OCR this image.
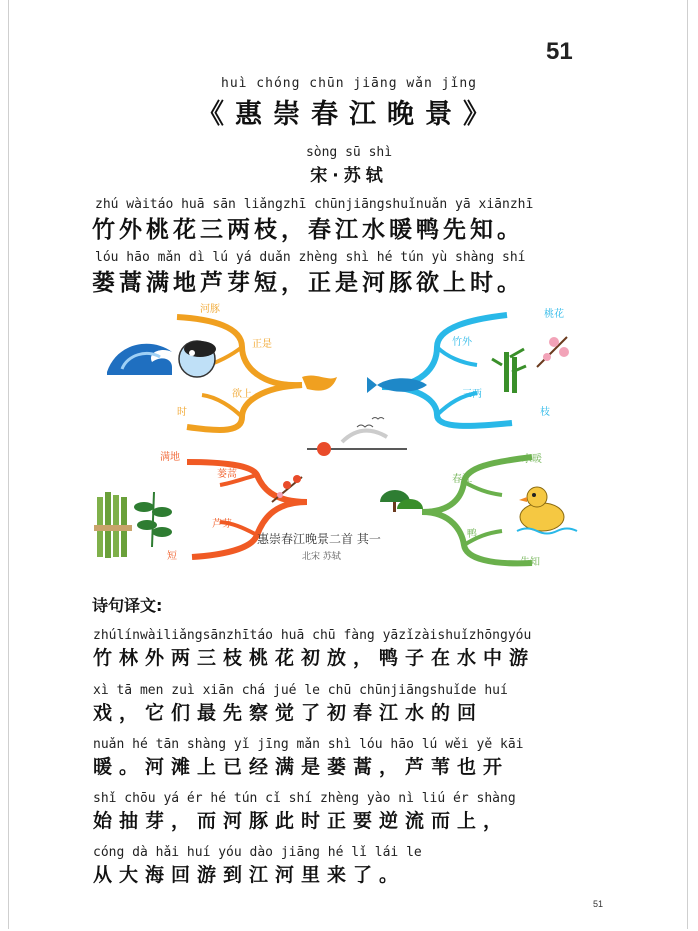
51
huì chóng chūn jiāng wǎn jǐng
《惠崇春江晚景》
sòng sū shì
宋·苏轼
zhú wàitáo huā sān liǎngzhī chūnjiāngshuǐnuǎn yā xiānzhī
竹外桃花三两枝，春江水暖鸭先知。
lóu hāo mǎn dì lú yá duǎn zhèng shì hé tún yù shàng shí
蒌蒿满地芦芽短，正是河豚欲上时。
河豚
正是
欲上
时
桃花
竹外
三两
枝
满地
蒌蒿
芦芽
短
惠崇春江晚景二首 其一
北宋 苏轼
水暖
春江
鸭
先知
诗句译文:
zhúlínwàiliǎngsānzhītáo huā chū fàng yāzǐzàishuǐzhōngyóu
竹林外两三枝桃花初放，鸭子在水中游
xì tā men zuì xiān chá jué le chū chūnjiāngshuǐde huí
戏，它们最先察觉了初春江水的回
nuǎn hé tān shàng yǐ jīng mǎn shì lóu hāo lú wěi yě kāi
暖。河滩上已经满是蒌蒿，芦苇也开
shǐ chōu yá ér hé tún cǐ shí zhèng yào nì liú ér shàng
始抽芽，而河豚此时正要逆流而上，
cóng dà hǎi huí yóu dào jiāng hé lǐ lái le
从大海回游到江河里来了。
51
